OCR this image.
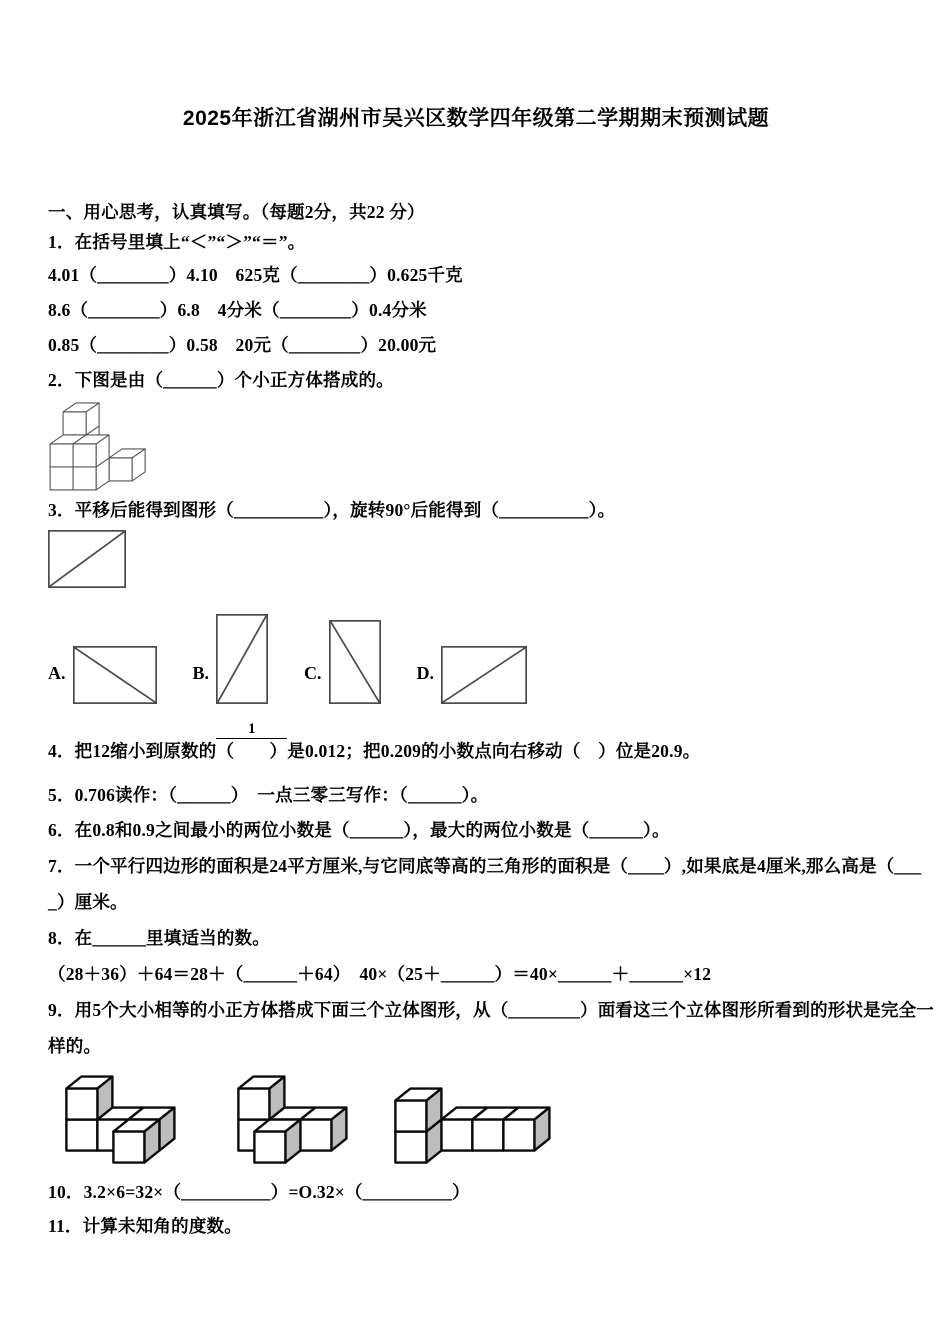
2025年浙江省湖州市吴兴区数学四年级第二学期期末预测试题
一、用心思考，认真填写。（每题2分，共22 分）
1．在括号里填上“＜”“＞”“＝”。
4.01（________）4.10　625克（________）0.625千克
8.6（________）6.8　4分米（________）0.4分米
0.85（________）0.58　20元（________）20.00元
2．下图是由（______）个小正方体搭成的。
3．平移后能得到图形（__________），旋转90°后能得到（__________）。
A.	B.	C.	D.
4．把12缩小到原数的 $\frac{1}{( )}$ 是0.012；把0.209的小数点向右移动（　）位是20.9。
5．0.706读作：（______）　一点三零三写作：（______）。
6．在0.8和0.9之间最小的两位小数是（______），最大的两位小数是（______）。
7．一个平行四边形的面积是24平方厘米,与它同底等高的三角形的面积是（____）,如果底是4厘米,那么高是（___
_）厘米。
8．在______里填适当的数。
（28＋36）＋64＝28＋（______＋64）　40×（25＋______）＝40×______＋______×12
9．用5个大小相等的小正方体搭成下面三个立体图形，从（________）面看这三个立体图形所看到的形状是完全一
样的。
10．3.2×6=32×（__________）=O.32×（__________）
11．计算未知角的度数。
